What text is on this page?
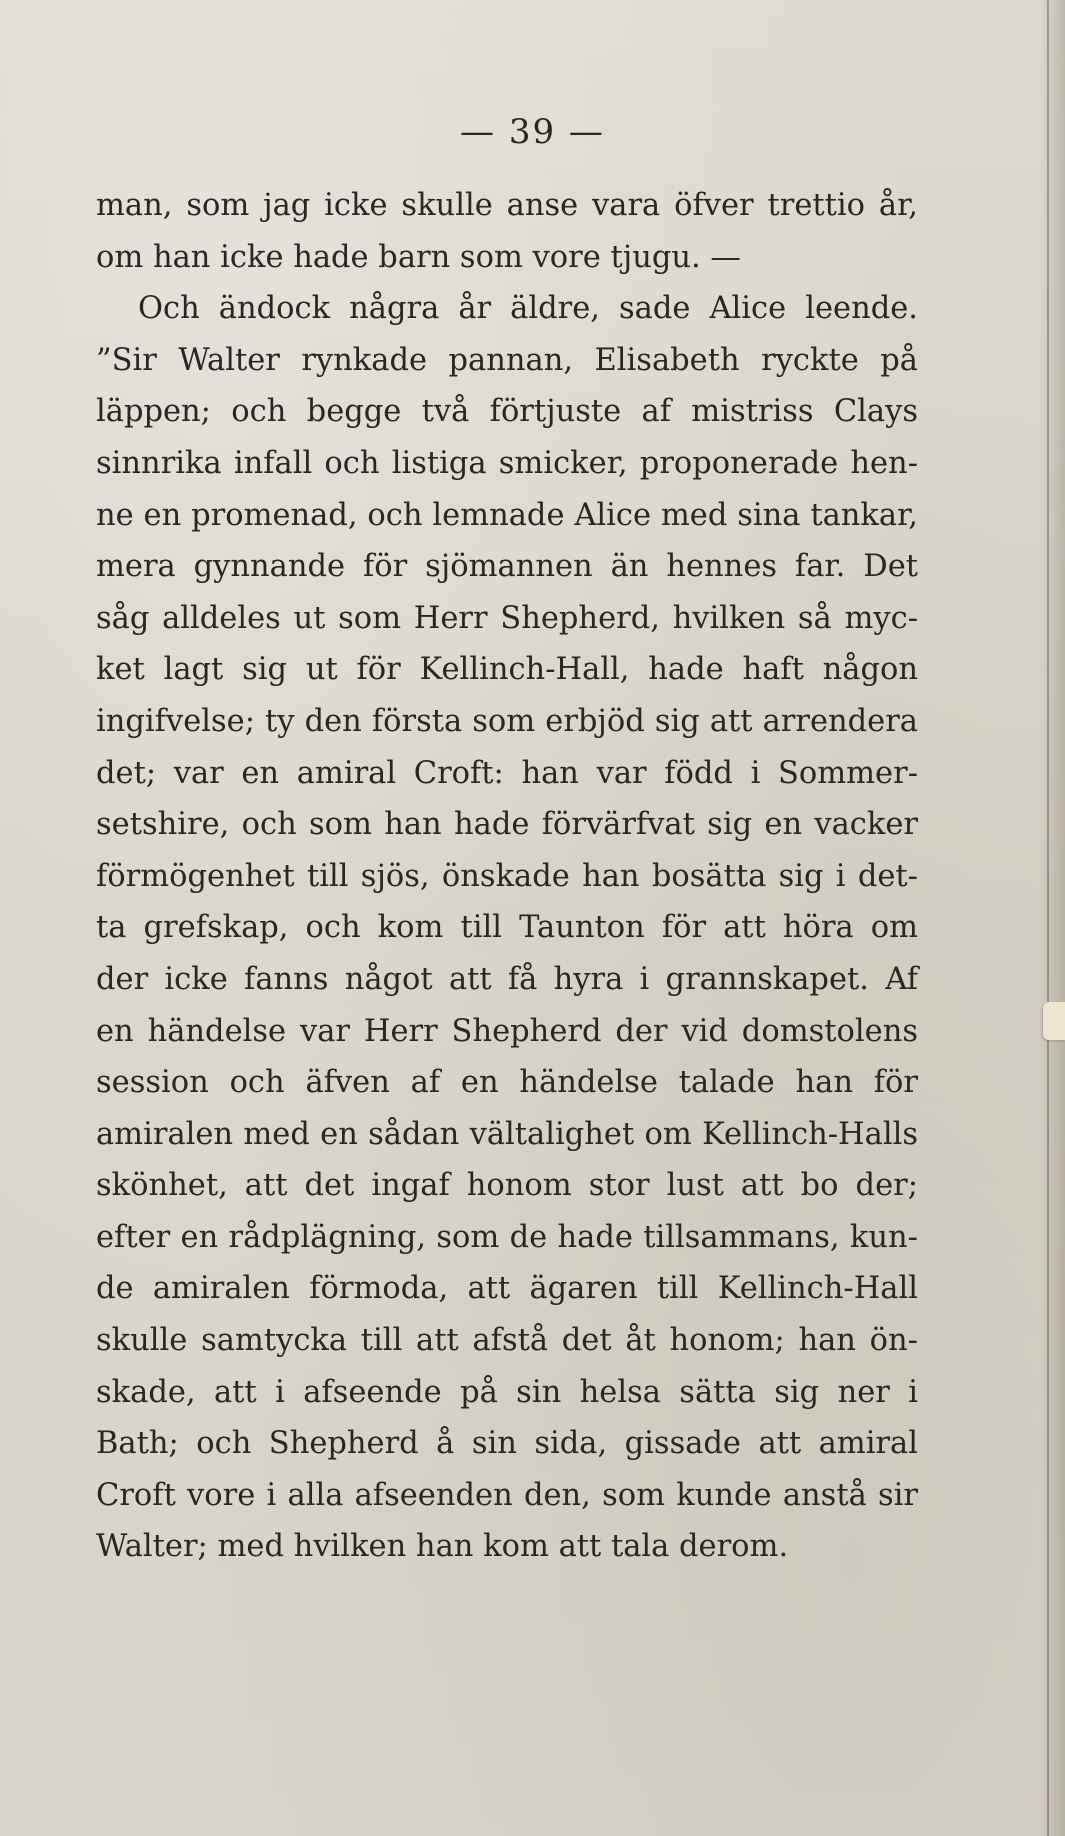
— 39 —
man, som jag icke skulle anse vara öfver trettio år,
om han icke hade barn som vore tjugu. —
Och ändock några år äldre, sade Alice leende.
”Sir Walter rynkade pannan, Elisabeth ryckte på
läppen; och begge två förtjuste af mistriss Clays
sinnrika infall och listiga smicker, proponerade hen-
ne en promenad, och lemnade Alice med sina tankar,
mera gynnande för sjömannen än hennes far. Det
såg alldeles ut som Herr Shepherd, hvilken så myc-
ket lagt sig ut för Kellinch-Hall, hade haft någon
ingifvelse; ty den första som erbjöd sig att arrendera
det; var en amiral Croft: han var född i Sommer-
setshire, och som han hade förvärfvat sig en vacker
förmögenhet till sjös, önskade han bosätta sig i det-
ta grefskap, och kom till Taunton för att höra om
der icke fanns något att få hyra i grannskapet. Af
en händelse var Herr Shepherd der vid domstolens
session och äfven af en händelse talade han för
amiralen med en sådan vältalighet om Kellinch-Halls
skönhet, att det ingaf honom stor lust att bo der;
efter en rådplägning, som de hade tillsammans, kun-
de amiralen förmoda, att ägaren till Kellinch-Hall
skulle samtycka till att afstå det åt honom; han ön-
skade, att i afseende på sin helsa sätta sig ner i
Bath; och Shepherd å sin sida, gissade att amiral
Croft vore i alla afseenden den, som kunde anstå sir
Walter; med hvilken han kom att tala derom.
